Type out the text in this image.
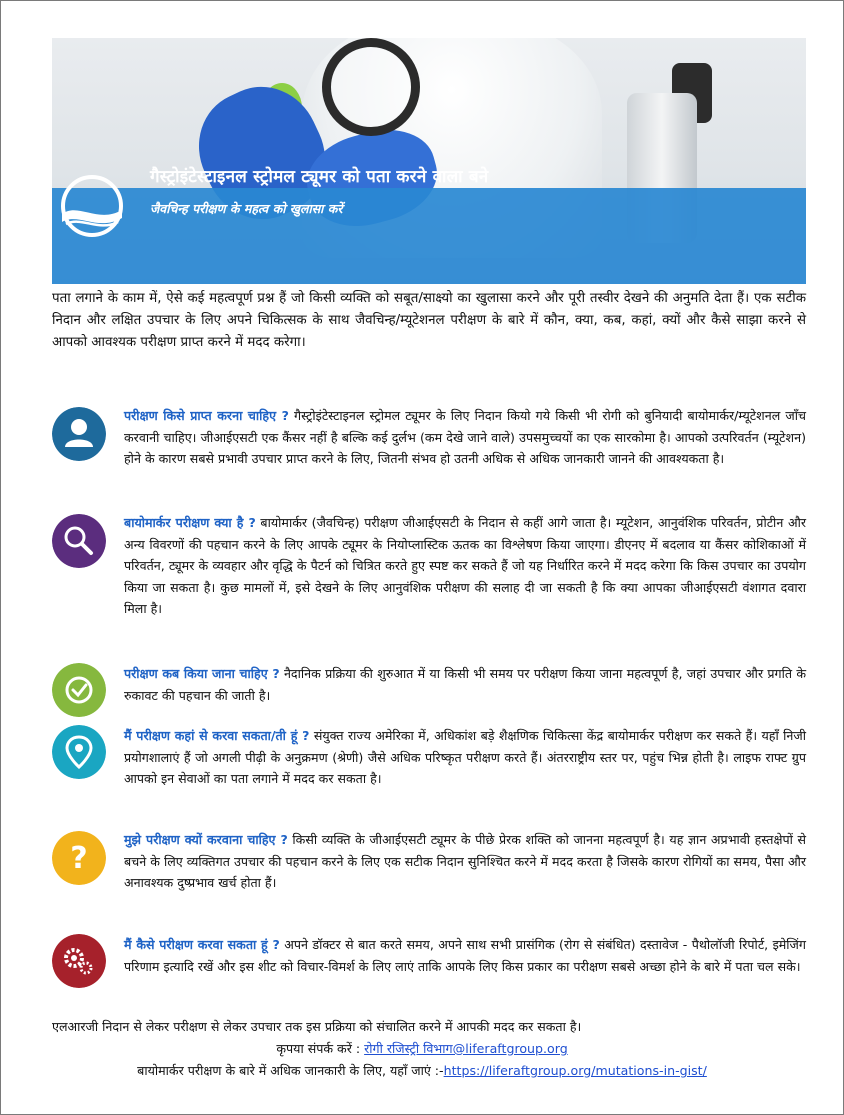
गैस्ट्रोइंटेस्टाइनल स्ट्रोमल ट्यूमर को पता करने वाला बने
जैवचिन्ह परीक्षण के महत्व को खुलासा करें
पता लगाने के काम में, ऐसे कई महत्वपूर्ण प्रश्न हैं जो किसी व्यक्ति को सबूत/साक्ष्यो का खुलासा करने और पूरी तस्वीर देखने की अनुमति देता हैं। एक सटीक निदान और लक्षित उपचार के लिए अपने चिकित्सक के साथ जैवचिन्ह/म्यूटेशनल परीक्षण के बारे में कौन, क्या, कब, कहां, क्यों और कैसे साझा करने से आपको आवश्यक परीक्षण प्राप्त करने में मदद करेगा।
परीक्षण किसे प्राप्त करना चाहिए ? गैस्ट्रोइंटेस्टाइनल स्ट्रोमल ट्यूमर के लिए निदान कियो गये किसी भी रोगी को बुनियादी बायोमार्कर/म्यूटेशनल जाँच करवानी चाहिए। जीआईएसटी एक कैंसर नहीं है बल्कि कई दुर्लभ (कम देखे जाने वाले) उपसमुच्चयों का एक सारकोमा है। आपको उत्परिवर्तन (म्यूटेशन) होने के कारण सबसे प्रभावी उपचार प्राप्त करने के लिए, जितनी संभव हो उतनी अधिक से अधिक जानकारी जानने की आवश्यकता है।
बायोमार्कर परीक्षण क्या है ? बायोमार्कर (जैवचिन्ह) परीक्षण जीआईएसटी के निदान से कहीं आगे जाता है। म्यूटेशन, आनुवंशिक परिवर्तन, प्रोटीन और अन्य विवरणों की पहचान करने के लिए आपके ट्यूमर के नियोप्लास्टिक ऊतक का विश्लेषण किया जाएगा। डीएनए में बदलाव या कैंसर कोशिकाओं में परिवर्तन, ट्यूमर के व्यवहार और वृद्धि के पैटर्न को चित्रित करते हुए स्पष्ट कर सकते हैं जो यह निर्धारित करने में मदद करेगा कि किस उपचार का उपयोग किया जा सकता है। कुछ मामलों में, इसे देखने के लिए आनुवंशिक परीक्षण की सलाह दी जा सकती है कि क्या आपका जीआईएसटी वंशागत दवारा मिला है।
परीक्षण कब किया जाना चाहिए ? नैदानिक प्रक्रिया की शुरुआत में या किसी भी समय पर परीक्षण किया जाना महत्वपूर्ण है, जहां उपचार और प्रगति के रुकावट की पहचान की जाती है।
मैं परीक्षण कहां से करवा सकता/ती हूं ? संयुक्त राज्य अमेरिका में, अधिकांश बड़े शैक्षणिक चिकित्सा केंद्र बायोमार्कर परीक्षण कर सकते हैं। यहाँ निजी प्रयोगशालाएं हैं जो अगली पीढ़ी के अनुक्रमण (श्रेणी) जैसे अधिक परिष्कृत परीक्षण करते हैं। अंतरराष्ट्रीय स्तर पर, पहुंच भिन्न होती है। लाइफ राफ्ट ग्रुप आपको इन सेवाओं का पता लगाने में मदद कर सकता है।
?
मुझे परीक्षण क्यों करवाना चाहिए ? किसी व्यक्ति के जीआईएसटी ट्यूमर के पीछे प्रेरक शक्ति को जानना महत्वपूर्ण है। यह ज्ञान अप्रभावी हस्तक्षेपों से बचने के लिए व्यक्तिगत उपचार की पहचान करने के लिए एक सटीक निदान सुनिश्चित करने में मदद करता है जिसके कारण रोगियों का समय, पैसा और अनावश्यक दुष्प्रभाव खर्च होता हैं।
मैं कैसे परीक्षण करवा सकता हूं ? अपने डॉक्टर से बात करते समय, अपने साथ सभी प्रासंगिक (रोग से संबंधित) दस्तावेज - पैथोलॉजी रिपोर्ट, इमेजिंग परिणाम इत्यादि रखें और इस शीट को विचार-विमर्श के लिए लाएं ताकि आपके लिए किस प्रकार का परीक्षण सबसे अच्छा होने के बारे में पता चल सके।
एलआरजी निदान से लेकर परीक्षण से लेकर उपचार तक इस प्रक्रिया को संचालित करने में आपकी मदद कर सकता है।
कृपया संपर्क करें : रोगी रजिस्ट्री विभाग@liferaftgroup.org
बायोमार्कर परीक्षण के बारे में अधिक जानकारी के लिए, यहाँ जाएं :-https://liferaftgroup.org/mutations-in-gist/
